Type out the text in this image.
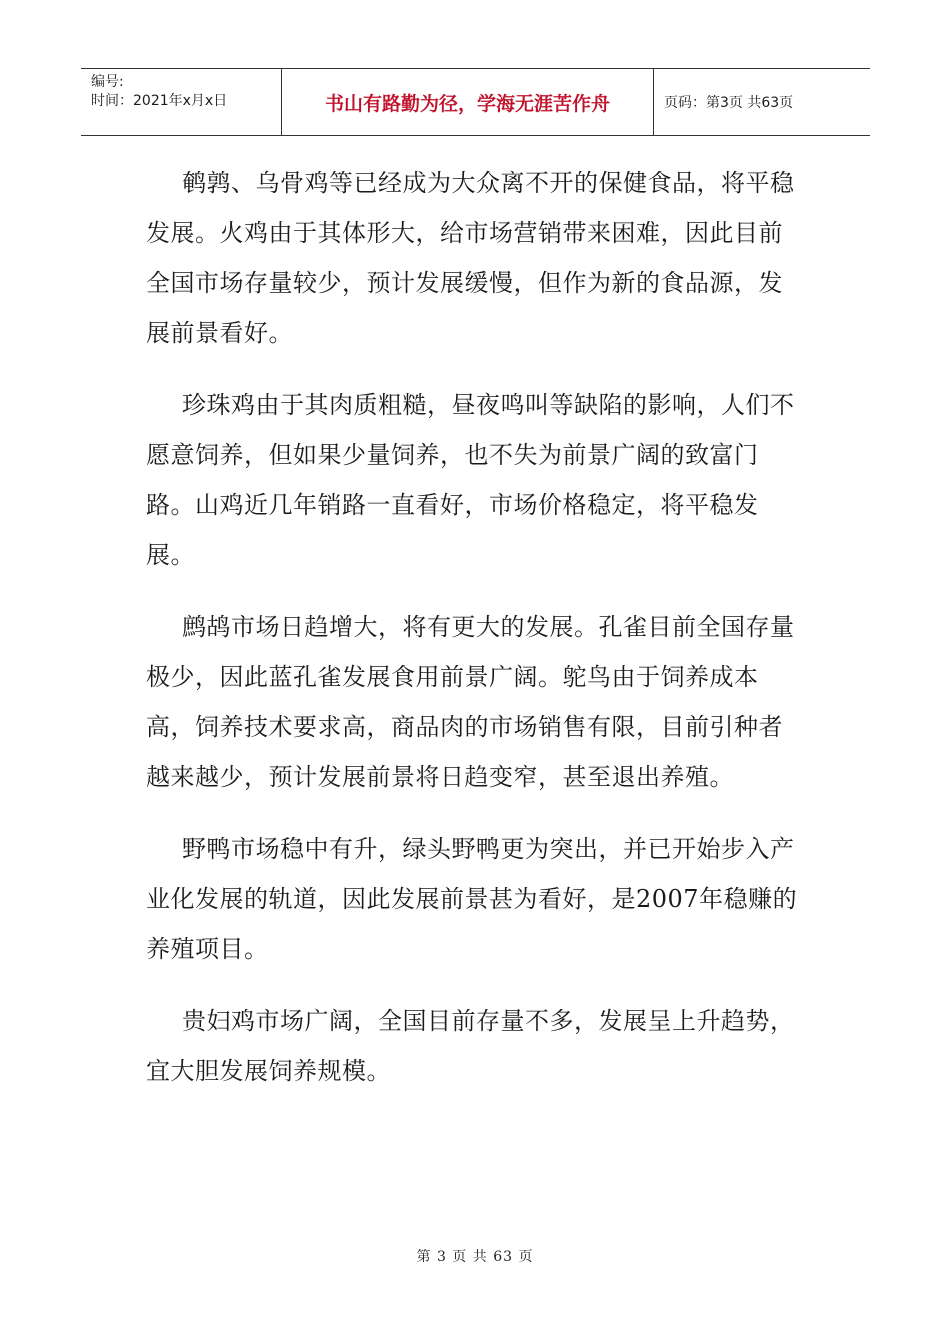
编号:
时间：2021年x月x日	书山有路勤为径，学海无涯苦作舟	页码：第3页 共63页

鹌鹑、乌骨鸡等已经成为大众离不开的保健食品，将平稳发展。火鸡由于其体形大，给市场营销带来困难，因此目前全国市场存量较少，预计发展缓慢，但作为新的食品源，发展前景看好。

珍珠鸡由于其肉质粗糙，昼夜鸣叫等缺陷的影响，人们不愿意饲养，但如果少量饲养，也不失为前景广阔的致富门路。山鸡近几年销路一直看好，市场价格稳定，将平稳发展。

鹧鸪市场日趋增大，将有更大的发展。孔雀目前全国存量极少，因此蓝孔雀发展食用前景广阔。鸵鸟由于饲养成本高，饲养技术要求高，商品肉的市场销售有限，目前引种者越来越少，预计发展前景将日趋变窄，甚至退出养殖。

野鸭市场稳中有升，绿头野鸭更为突出，并已开始步入产业化发展的轨道，因此发展前景甚为看好，是2007年稳赚的养殖项目。

贵妇鸡市场广阔，全国目前存量不多，发展呈上升趋势，宜大胆发展饲养规模。

第 3 页 共 63 页
